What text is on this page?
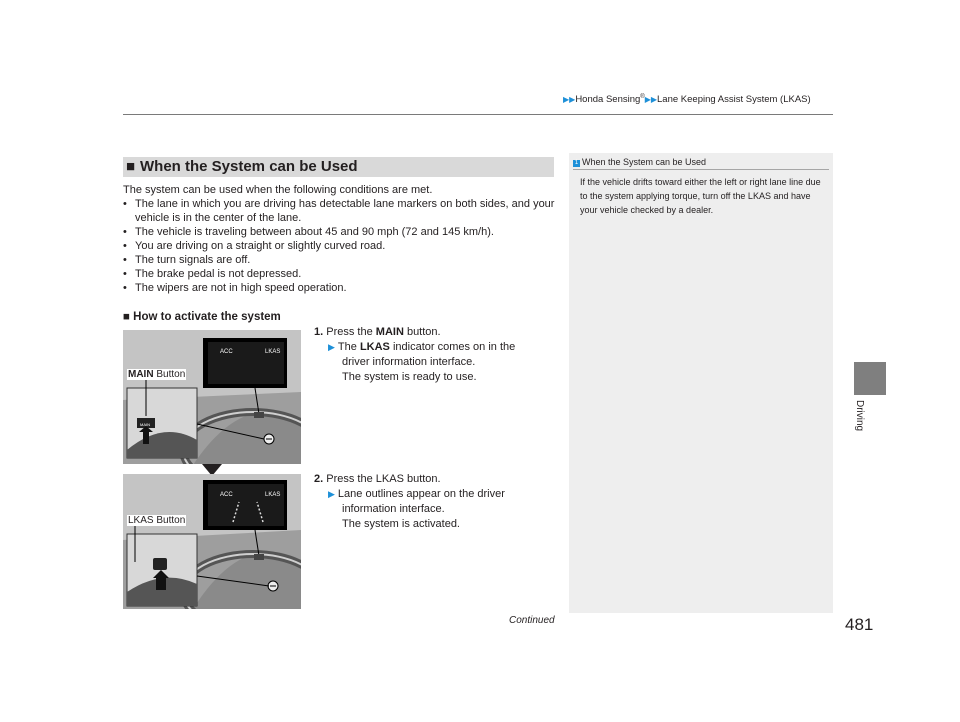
▶▶Honda Sensing®▶▶Lane Keeping Assist System (LKAS)
■ When the System can be Used
The system can be used when the following conditions are met.
• The lane in which you are driving has detectable lane markers on both sides, and your vehicle is in the center of the lane.
• The vehicle is traveling between about 45 and 90 mph (72 and 145 km/h).
• You are driving on a straight or slightly curved road.
• The turn signals are off.
• The brake pedal is not depressed.
• The wipers are not in high speed operation.
■ How to activate the system
ACC	LKAS
MAIN
ACC	LKAS
MAIN Button
LKAS Button
1. Press the MAIN button.
▶ The LKAS indicator comes on in the
driver information interface.
The system is ready to use.
2. Press the LKAS button.
▶ Lane outlines appear on the driver
information interface.
The system is activated.
1 When the System can be Used
If the vehicle drifts toward either the left or right lane line due to the system applying torque, turn off the LKAS and have your vehicle checked by a dealer.
Driving
Continued	481
